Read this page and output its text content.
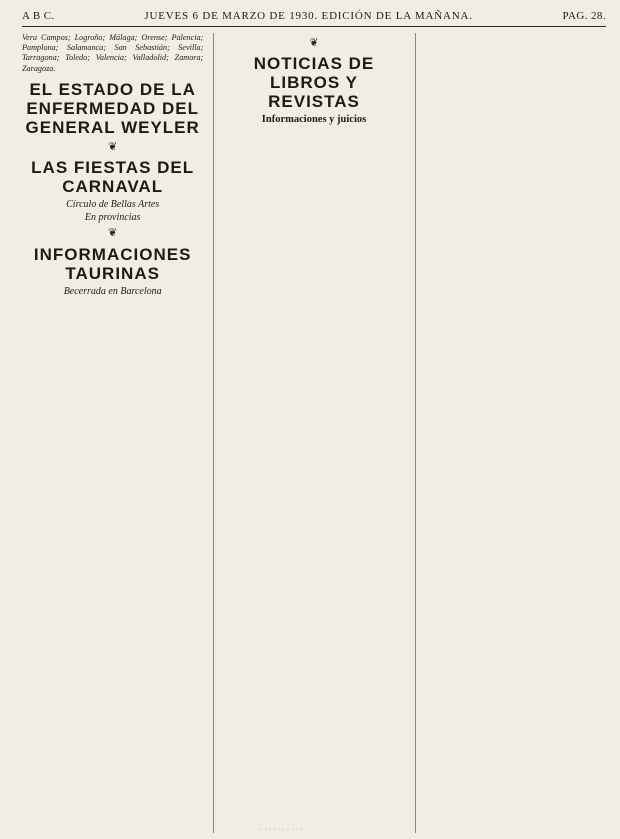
A B C.	JUEVES 6 DE MARZO DE 1930. EDICIÓN DE LA MAÑANA.	PAG. 28.

Vera Campos; Logroño; Málaga; Orense; Palencia; Pamplona; Salamanca; San Sebastián; Sevilla; Tarragona; Toledo; Valencia; Valladolid; Zamora; Zaragoza.

EL ESTADO DE LA ENFERMEDAD DEL GENERAL WEYLER
❦
LAS FIESTAS DEL CARNAVAL
Círculo de Bellas Artes
En provincias
❦
INFORMACIONES TAURINAS
Becerrada en Barcelona
❦
NOTICIAS DE LIBROS Y REVISTAS
Informaciones y juicios
· · · · · · · · · ·
